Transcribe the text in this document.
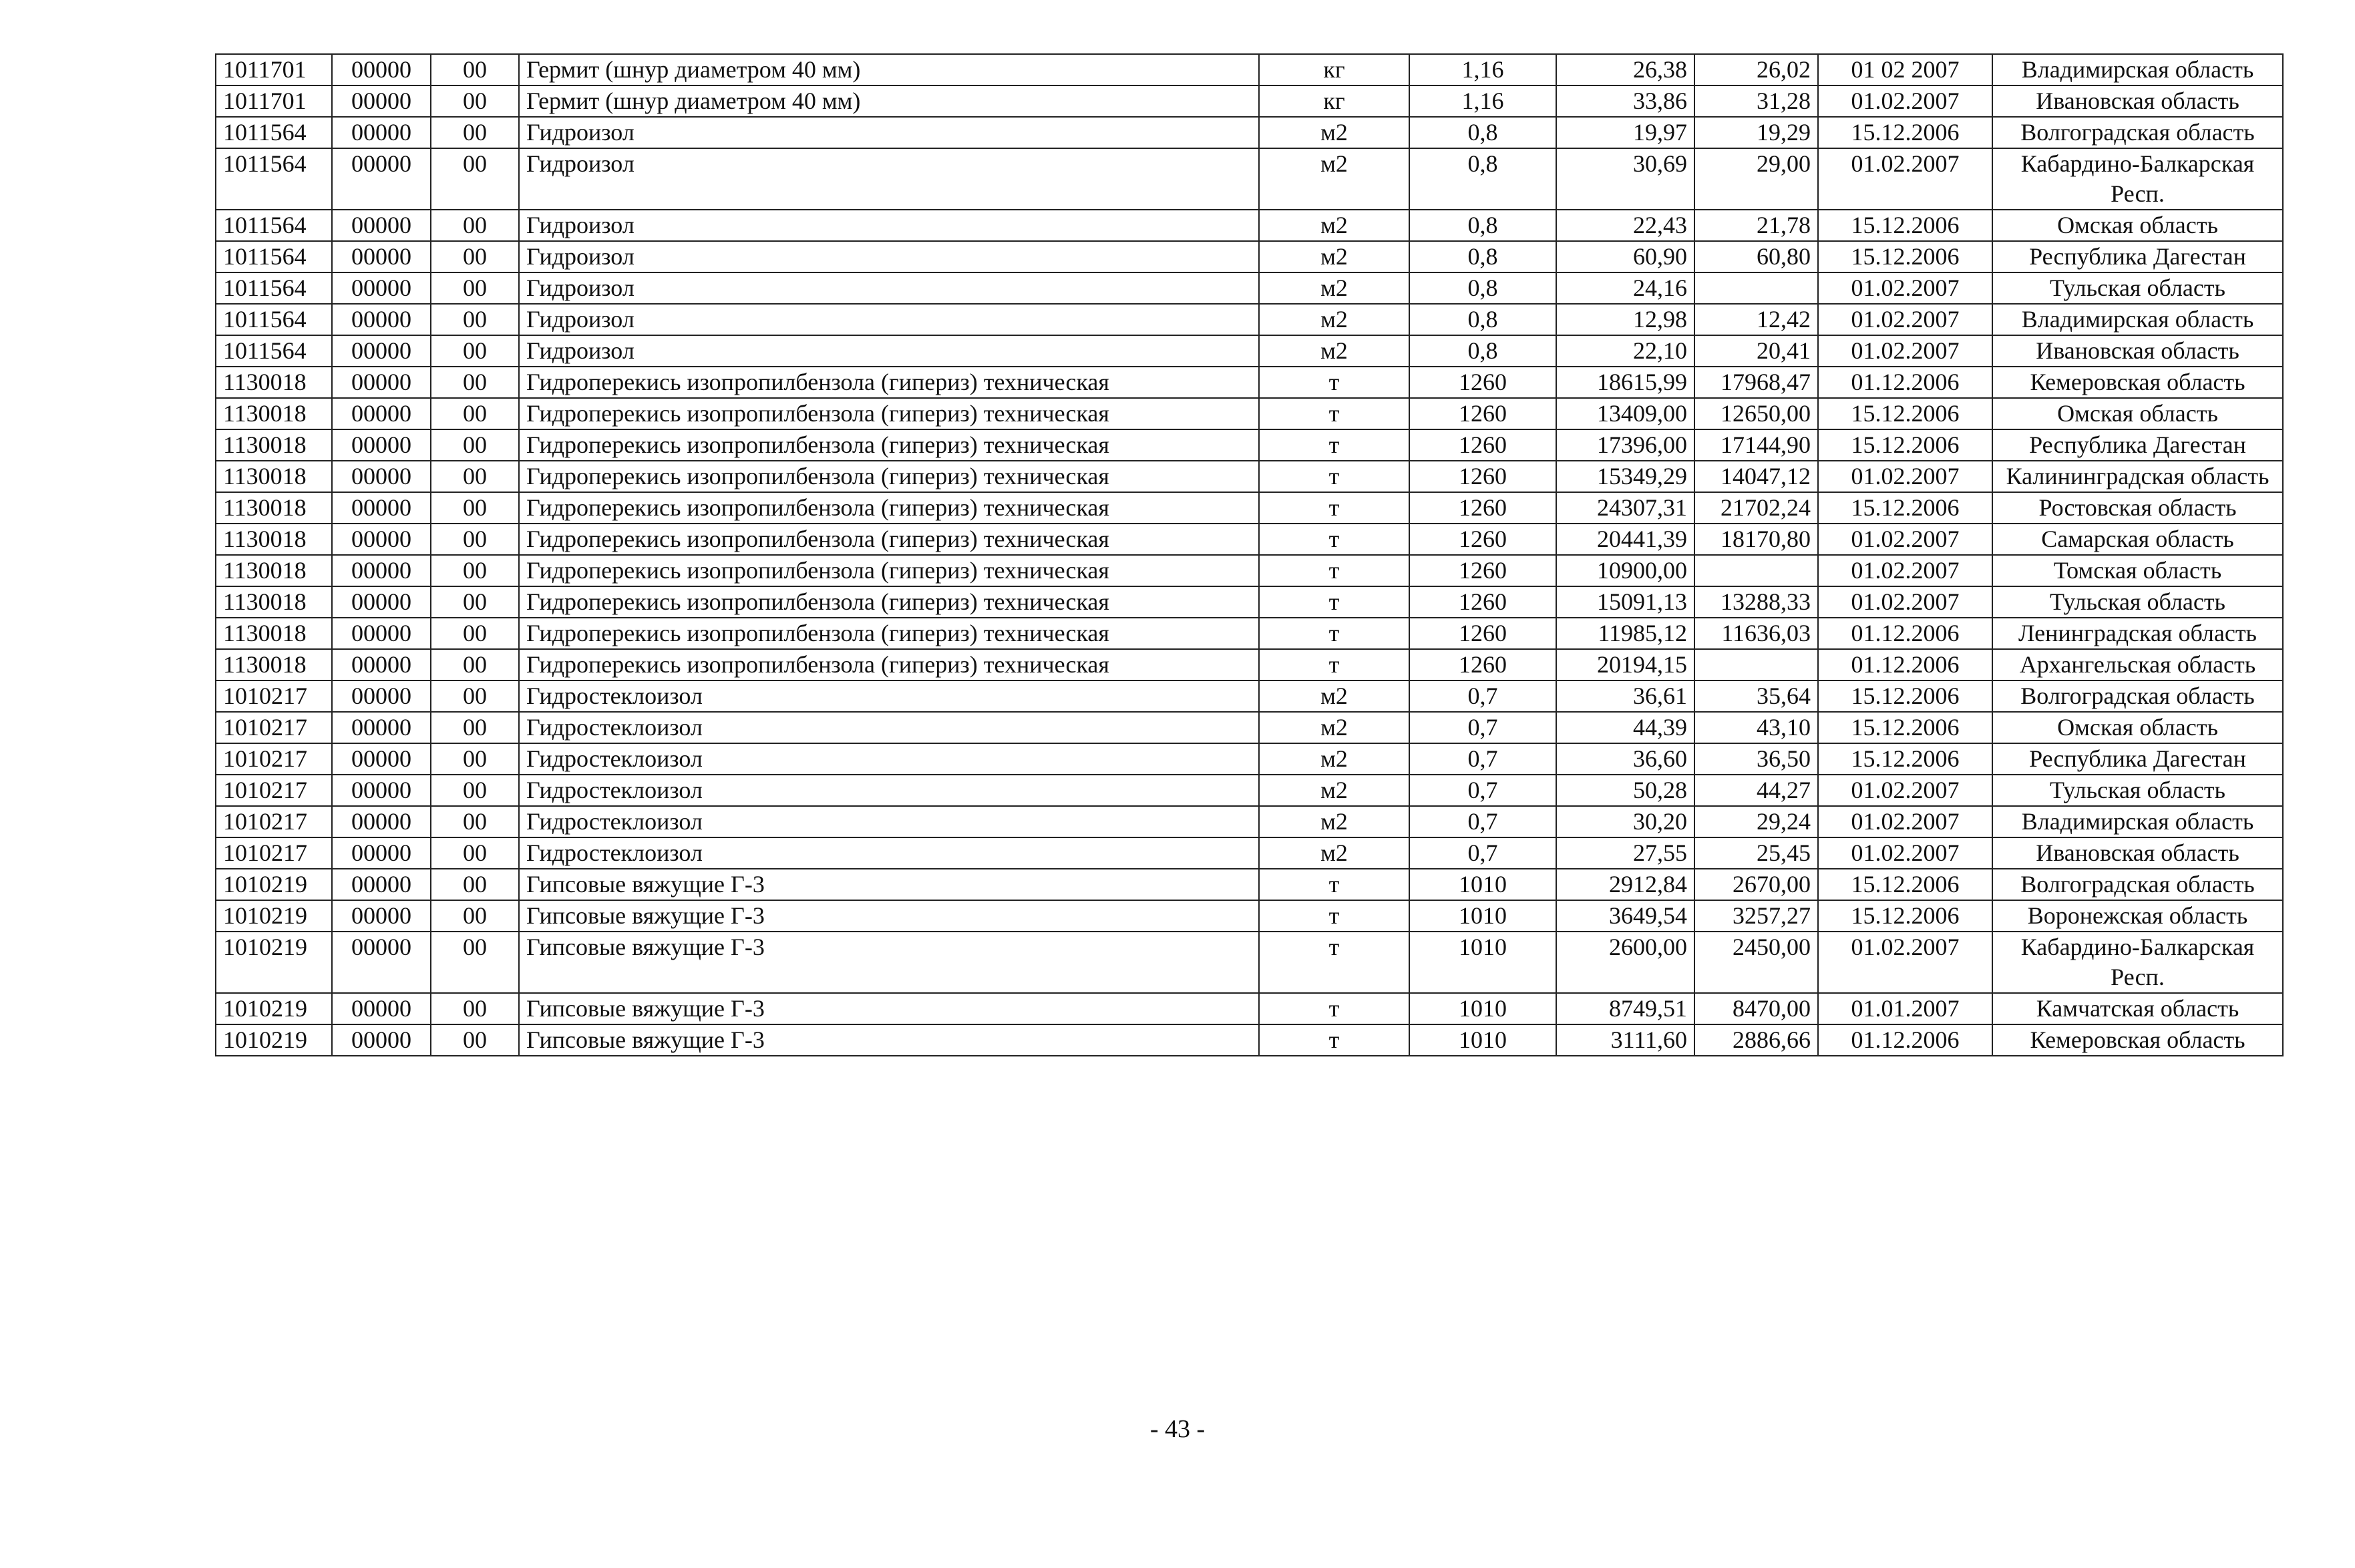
1011701	00000	00	Гермит (шнур диаметром 40 мм)	кг	1,16	26,38	26,02	01 02 2007	Владимирская область
1011701	00000	00	Гермит (шнур диаметром 40 мм)	кг	1,16	33,86	31,28	01.02.2007	Ивановская область
1011564	00000	00	Гидроизол	м2	0,8	19,97	19,29	15.12.2006	Волгоградская область
1011564	00000	00	Гидроизол	м2	0,8	30,69	29,00	01.02.2007	Кабардино-Балкарская Респ.
1011564	00000	00	Гидроизол	м2	0,8	22,43	21,78	15.12.2006	Омская область
1011564	00000	00	Гидроизол	м2	0,8	60,90	60,80	15.12.2006	Республика Дагестан
1011564	00000	00	Гидроизол	м2	0,8	24,16		01.02.2007	Тульская область
1011564	00000	00	Гидроизол	м2	0,8	12,98	12,42	01.02.2007	Владимирская область
1011564	00000	00	Гидроизол	м2	0,8	22,10	20,41	01.02.2007	Ивановская область
1130018	00000	00	Гидроперекись изопропилбензола (гипериз) техническая	т	1260	18615,99	17968,47	01.12.2006	Кемеровская область
1130018	00000	00	Гидроперекись изопропилбензола (гипериз) техническая	т	1260	13409,00	12650,00	15.12.2006	Омская область
1130018	00000	00	Гидроперекись изопропилбензола (гипериз) техническая	т	1260	17396,00	17144,90	15.12.2006	Республика Дагестан
1130018	00000	00	Гидроперекись изопропилбензола (гипериз) техническая	т	1260	15349,29	14047,12	01.02.2007	Калининградская область
1130018	00000	00	Гидроперекись изопропилбензола (гипериз) техническая	т	1260	24307,31	21702,24	15.12.2006	Ростовская область
1130018	00000	00	Гидроперекись изопропилбензола (гипериз) техническая	т	1260	20441,39	18170,80	01.02.2007	Самарская область
1130018	00000	00	Гидроперекись изопропилбензола (гипериз) техническая	т	1260	10900,00		01.02.2007	Томская область
1130018	00000	00	Гидроперекись изопропилбензола (гипериз) техническая	т	1260	15091,13	13288,33	01.02.2007	Тульская область
1130018	00000	00	Гидроперекись изопропилбензола (гипериз) техническая	т	1260	11985,12	11636,03	01.12.2006	Ленинградская область
1130018	00000	00	Гидроперекись изопропилбензола (гипериз) техническая	т	1260	20194,15		01.12.2006	Архангельская область
1010217	00000	00	Гидростеклоизол	м2	0,7	36,61	35,64	15.12.2006	Волгоградская область
1010217	00000	00	Гидростеклоизол	м2	0,7	44,39	43,10	15.12.2006	Омская область
1010217	00000	00	Гидростеклоизол	м2	0,7	36,60	36,50	15.12.2006	Республика Дагестан
1010217	00000	00	Гидростеклоизол	м2	0,7	50,28	44,27	01.02.2007	Тульская область
1010217	00000	00	Гидростеклоизол	м2	0,7	30,20	29,24	01.02.2007	Владимирская область
1010217	00000	00	Гидростеклоизол	м2	0,7	27,55	25,45	01.02.2007	Ивановская область
1010219	00000	00	Гипсовые вяжущие Г-3	т	1010	2912,84	2670,00	15.12.2006	Волгоградская область
1010219	00000	00	Гипсовые вяжущие Г-3	т	1010	3649,54	3257,27	15.12.2006	Воронежская область
1010219	00000	00	Гипсовые вяжущие Г-3	т	1010	2600,00	2450,00	01.02.2007	Кабардино-Балкарская Респ.
1010219	00000	00	Гипсовые вяжущие Г-3	т	1010	8749,51	8470,00	01.01.2007	Камчатская область
1010219	00000	00	Гипсовые вяжущие Г-3	т	1010	3111,60	2886,66	01.12.2006	Кемеровская область
- 43 -
